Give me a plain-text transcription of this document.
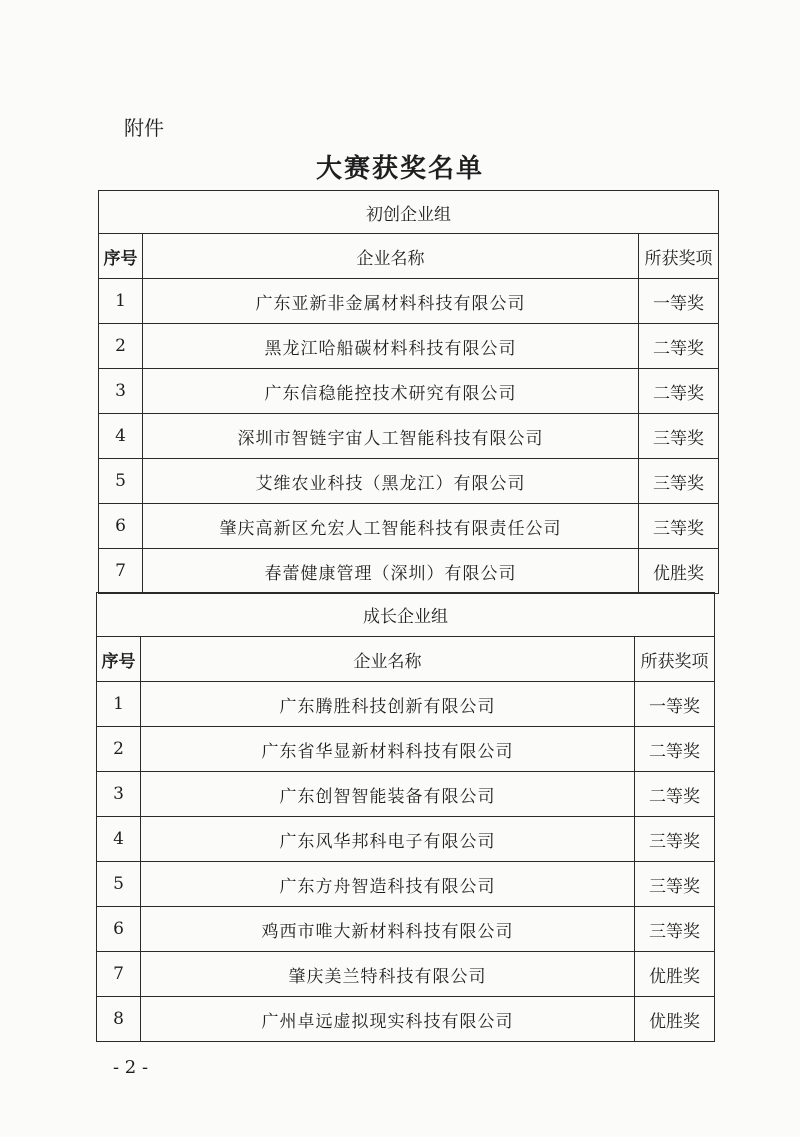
附件
大赛获奖名单
初创企业组		
序号	企业名称	所获奖项
1	广东亚新非金属材料科技有限公司	一等奖
2	黑龙江哈船碳材料科技有限公司	二等奖
3	广东信稳能控技术研究有限公司	二等奖
4	深圳市智链宇宙人工智能科技有限公司	三等奖
5	艾维农业科技（黑龙江）有限公司	三等奖
6	肇庆高新区允宏人工智能科技有限责任公司	三等奖
7	春蕾健康管理（深圳）有限公司	优胜奖
成长企业组		
序号	企业名称	所获奖项
1	广东腾胜科技创新有限公司	一等奖
2	广东省华显新材料科技有限公司	二等奖
3	广东创智智能装备有限公司	二等奖
4	广东风华邦科电子有限公司	三等奖
5	广东方舟智造科技有限公司	三等奖
6	鸡西市唯大新材料科技有限公司	三等奖
7	肇庆美兰特科技有限公司	优胜奖
8	广州卓远虚拟现实科技有限公司	优胜奖
- 2 -
